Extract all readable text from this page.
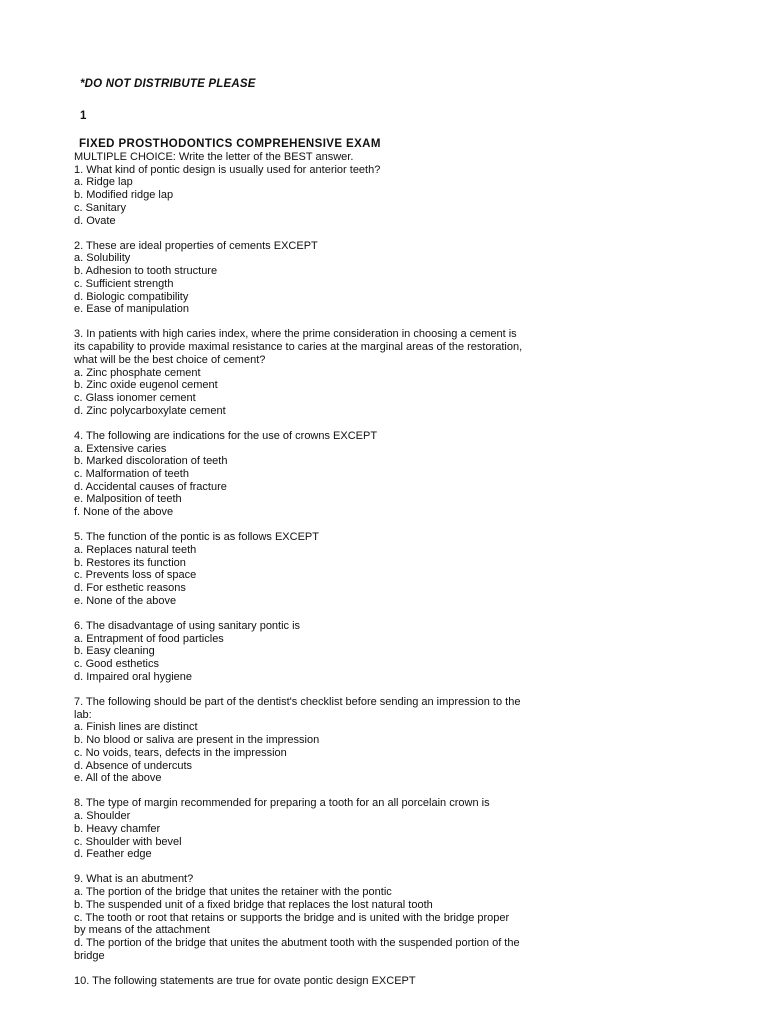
*DO NOT DISTRIBUTE PLEASE
1
FIXED PROSTHODONTICS COMPREHENSIVE EXAM
MULTIPLE CHOICE: Write the letter of the BEST answer.
1. What kind of pontic design is usually used for anterior teeth?
a. Ridge lap
b. Modified ridge lap
c. Sanitary
d. Ovate
2. These are ideal properties of cements EXCEPT
a. Solubility
b. Adhesion to tooth structure
c. Sufficient strength
d. Biologic compatibility
e. Ease of manipulation
3. In patients with high caries index, where the prime consideration in choosing a cement is
its capability to provide maximal resistance to caries at the marginal areas of the restoration,
what will be the best choice of cement?
a. Zinc phosphate cement
b. Zinc oxide eugenol cement
c. Glass ionomer cement
d. Zinc polycarboxylate cement
4. The following are indications for the use of crowns EXCEPT
a. Extensive caries
b. Marked discoloration of teeth
c. Malformation of teeth
d. Accidental causes of fracture
e. Malposition of teeth
f. None of the above
5. The function of the pontic is as follows EXCEPT
a. Replaces natural teeth
b. Restores its function
c. Prevents loss of space
d. For esthetic reasons
e. None of the above
6. The disadvantage of using sanitary pontic is
a. Entrapment of food particles
b. Easy cleaning
c. Good esthetics
d. Impaired oral hygiene
7. The following should be part of the dentist's checklist before sending an impression to the
lab:
a. Finish lines are distinct
b. No blood or saliva are present in the impression
c. No voids, tears, defects in the impression
d. Absence of undercuts
e. All of the above
8. The type of margin recommended for preparing a tooth for an all porcelain crown is
a. Shoulder
b. Heavy chamfer
c. Shoulder with bevel
d. Feather edge
9. What is an abutment?
a. The portion of the bridge that unites the retainer with the pontic
b. The suspended unit of a fixed bridge that replaces the lost natural tooth
c. The tooth or root that retains or supports the bridge and is united with the bridge proper
by means of the attachment
d. The portion of the bridge that unites the abutment tooth with the suspended portion of the
bridge
10. The following statements are true for ovate pontic design EXCEPT
